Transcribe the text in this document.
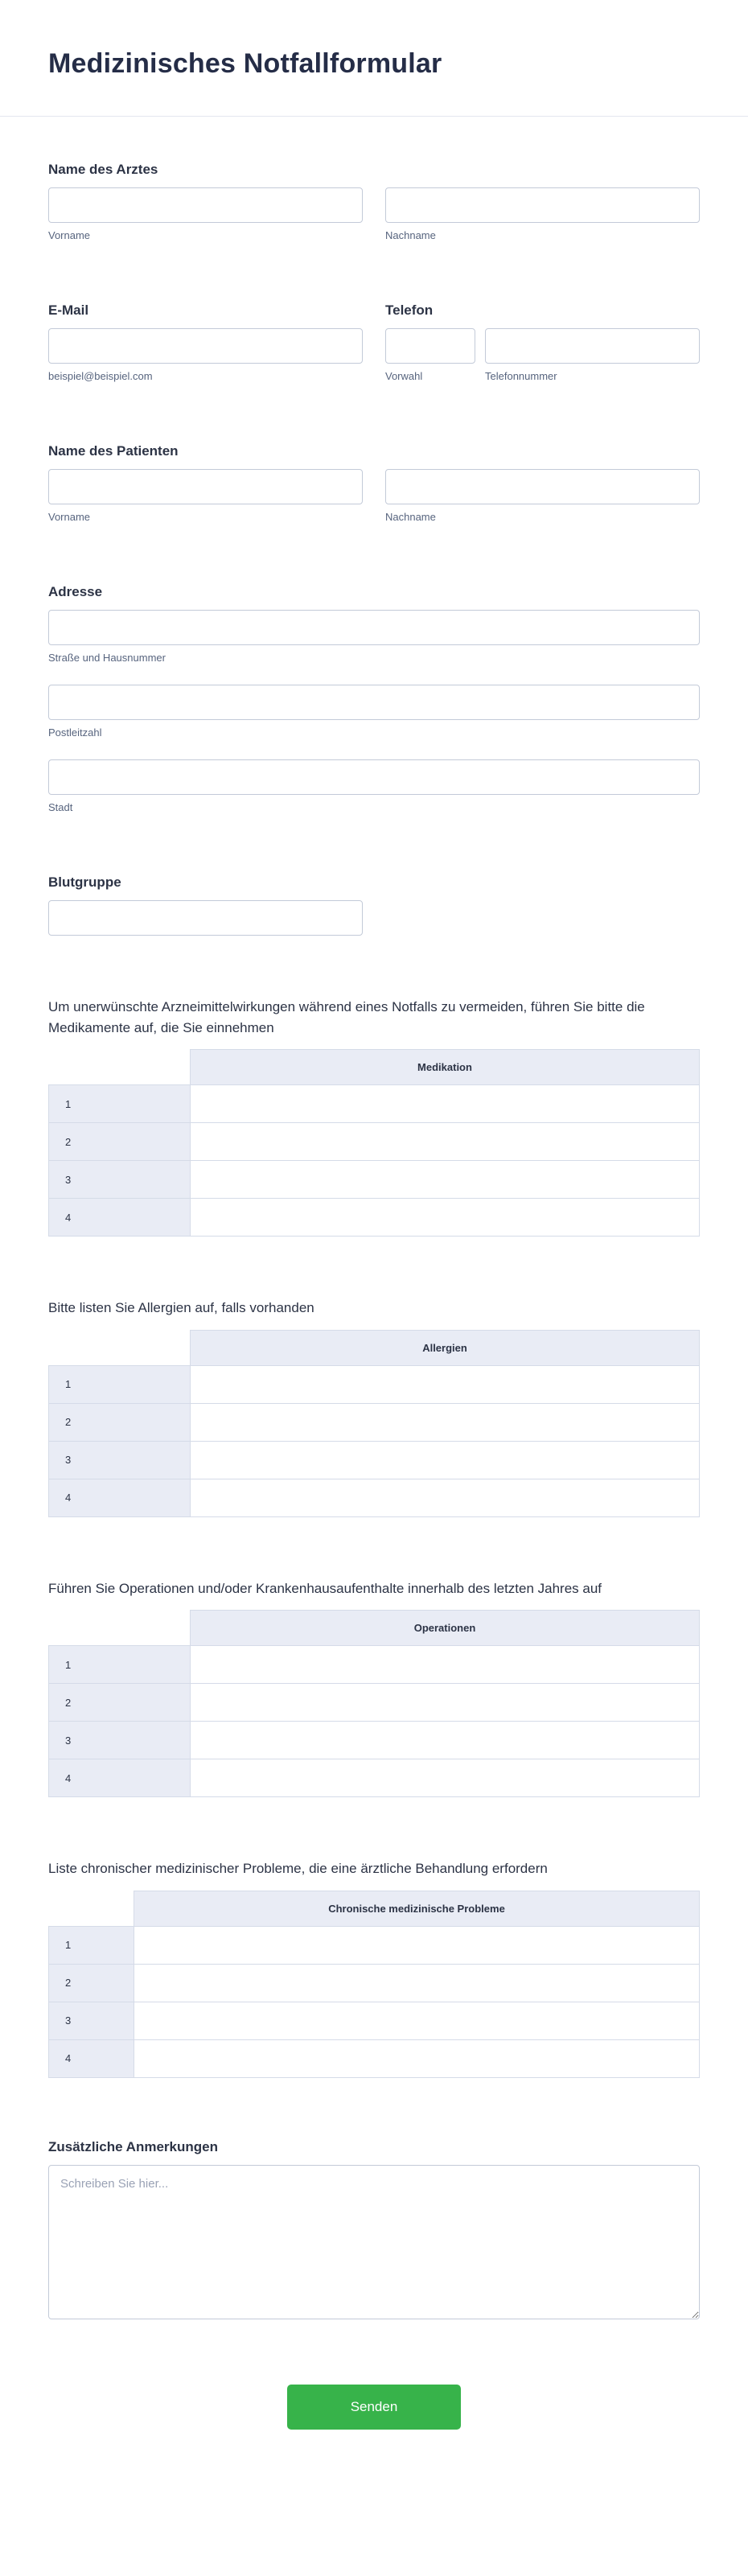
Medizinisches Notfallformular
Name des Arztes
Vorname	Nachname
E-Mail
beispiel@beispiel.com
Telefon
Vorwahl	Telefonnummer
Name des Patienten
Vorname	Nachname
Adresse
Straße und Hausnummer
Postleitzahl
Stadt
Blutgruppe

Um unerwünschte Arzneimittelwirkungen während eines Notfalls zu vermeiden, führen Sie bitte die Medikamente auf, die Sie einnehmen

	Medikation
1	

2	

3	

4	

Bitte listen Sie Allergien auf, falls vorhanden

	Allergien
1	

2	

3	

4	

Führen Sie Operationen und/oder Krankenhausaufenthalte innerhalb des letzten Jahres auf

	Operationen
1	

2	

3	

4	

Liste chronischer medizinischer Probleme, die eine ärztliche Behandlung erfordern

	Chronische medizinische Probleme
1	

2	

3	

4	
Zusätzliche Anmerkungen
Schreiben Sie hier...
Senden
